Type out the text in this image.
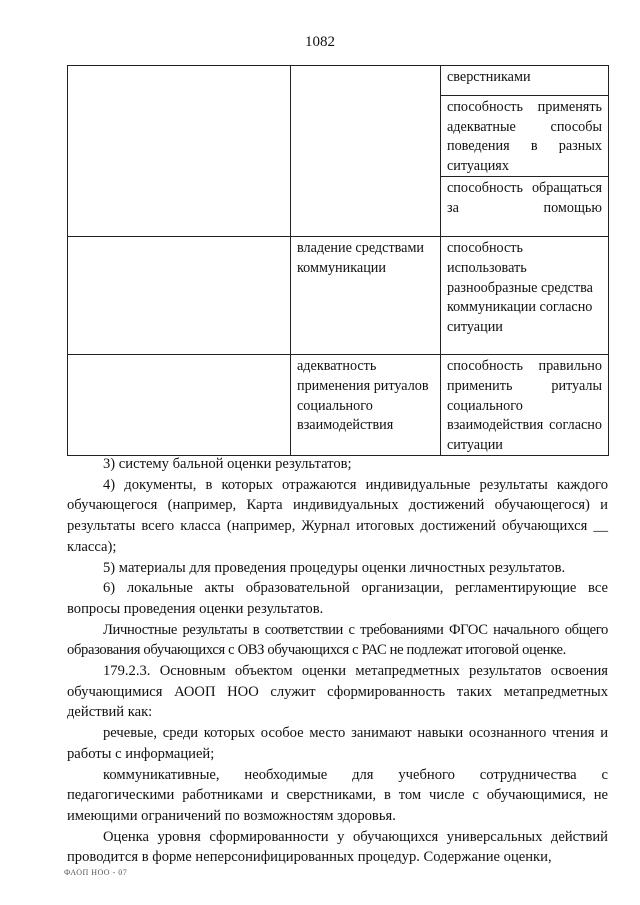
1082
		сверстниками
		способность применять адекватные способы поведения в разных ситуациях
		способность обращаться за помощью
	владение средствами коммуникации	способность использовать разнообразные средства коммуникации согласно ситуации
	адекватность применения ритуалов социального взаимодействия	способность правильно применить ритуалы социального взаимодействия согласно ситуации

3) систему бальной оценки результатов;

4) документы, в которых отражаются индивидуальные результаты каждого обучающегося (например, Карта индивидуальных достижений обучающегося) и результаты всего класса (например, Журнал итоговых достижений обучающихся __ класса);

5) материалы для проведения процедуры оценки личностных результатов.

6) локальные акты образовательной организации, регламентирующие все вопросы проведения оценки результатов.

Личностные результаты в соответствии с требованиями ФГОС начального общего образования обучающихся с ОВЗ обучающихся с РАС не подлежат итоговой оценке.

179.2.3. Основным объектом оценки метапредметных результатов освоения обучающимися АООП НОО служит сформированность таких метапредметных действий как:

речевые, среди которых особое место занимают навыки осознанного чтения и работы с информацией;

коммуникативные, необходимые для учебного сотрудничества с педагогическими работниками и сверстниками, в том числе с обучающимися, не имеющими ограничений по возможностям здоровья.

Оценка уровня сформированности у обучающихся универсальных действий проводится в форме неперсонифицированных процедур. Содержание оценки,

ФАОП НОО - 07
